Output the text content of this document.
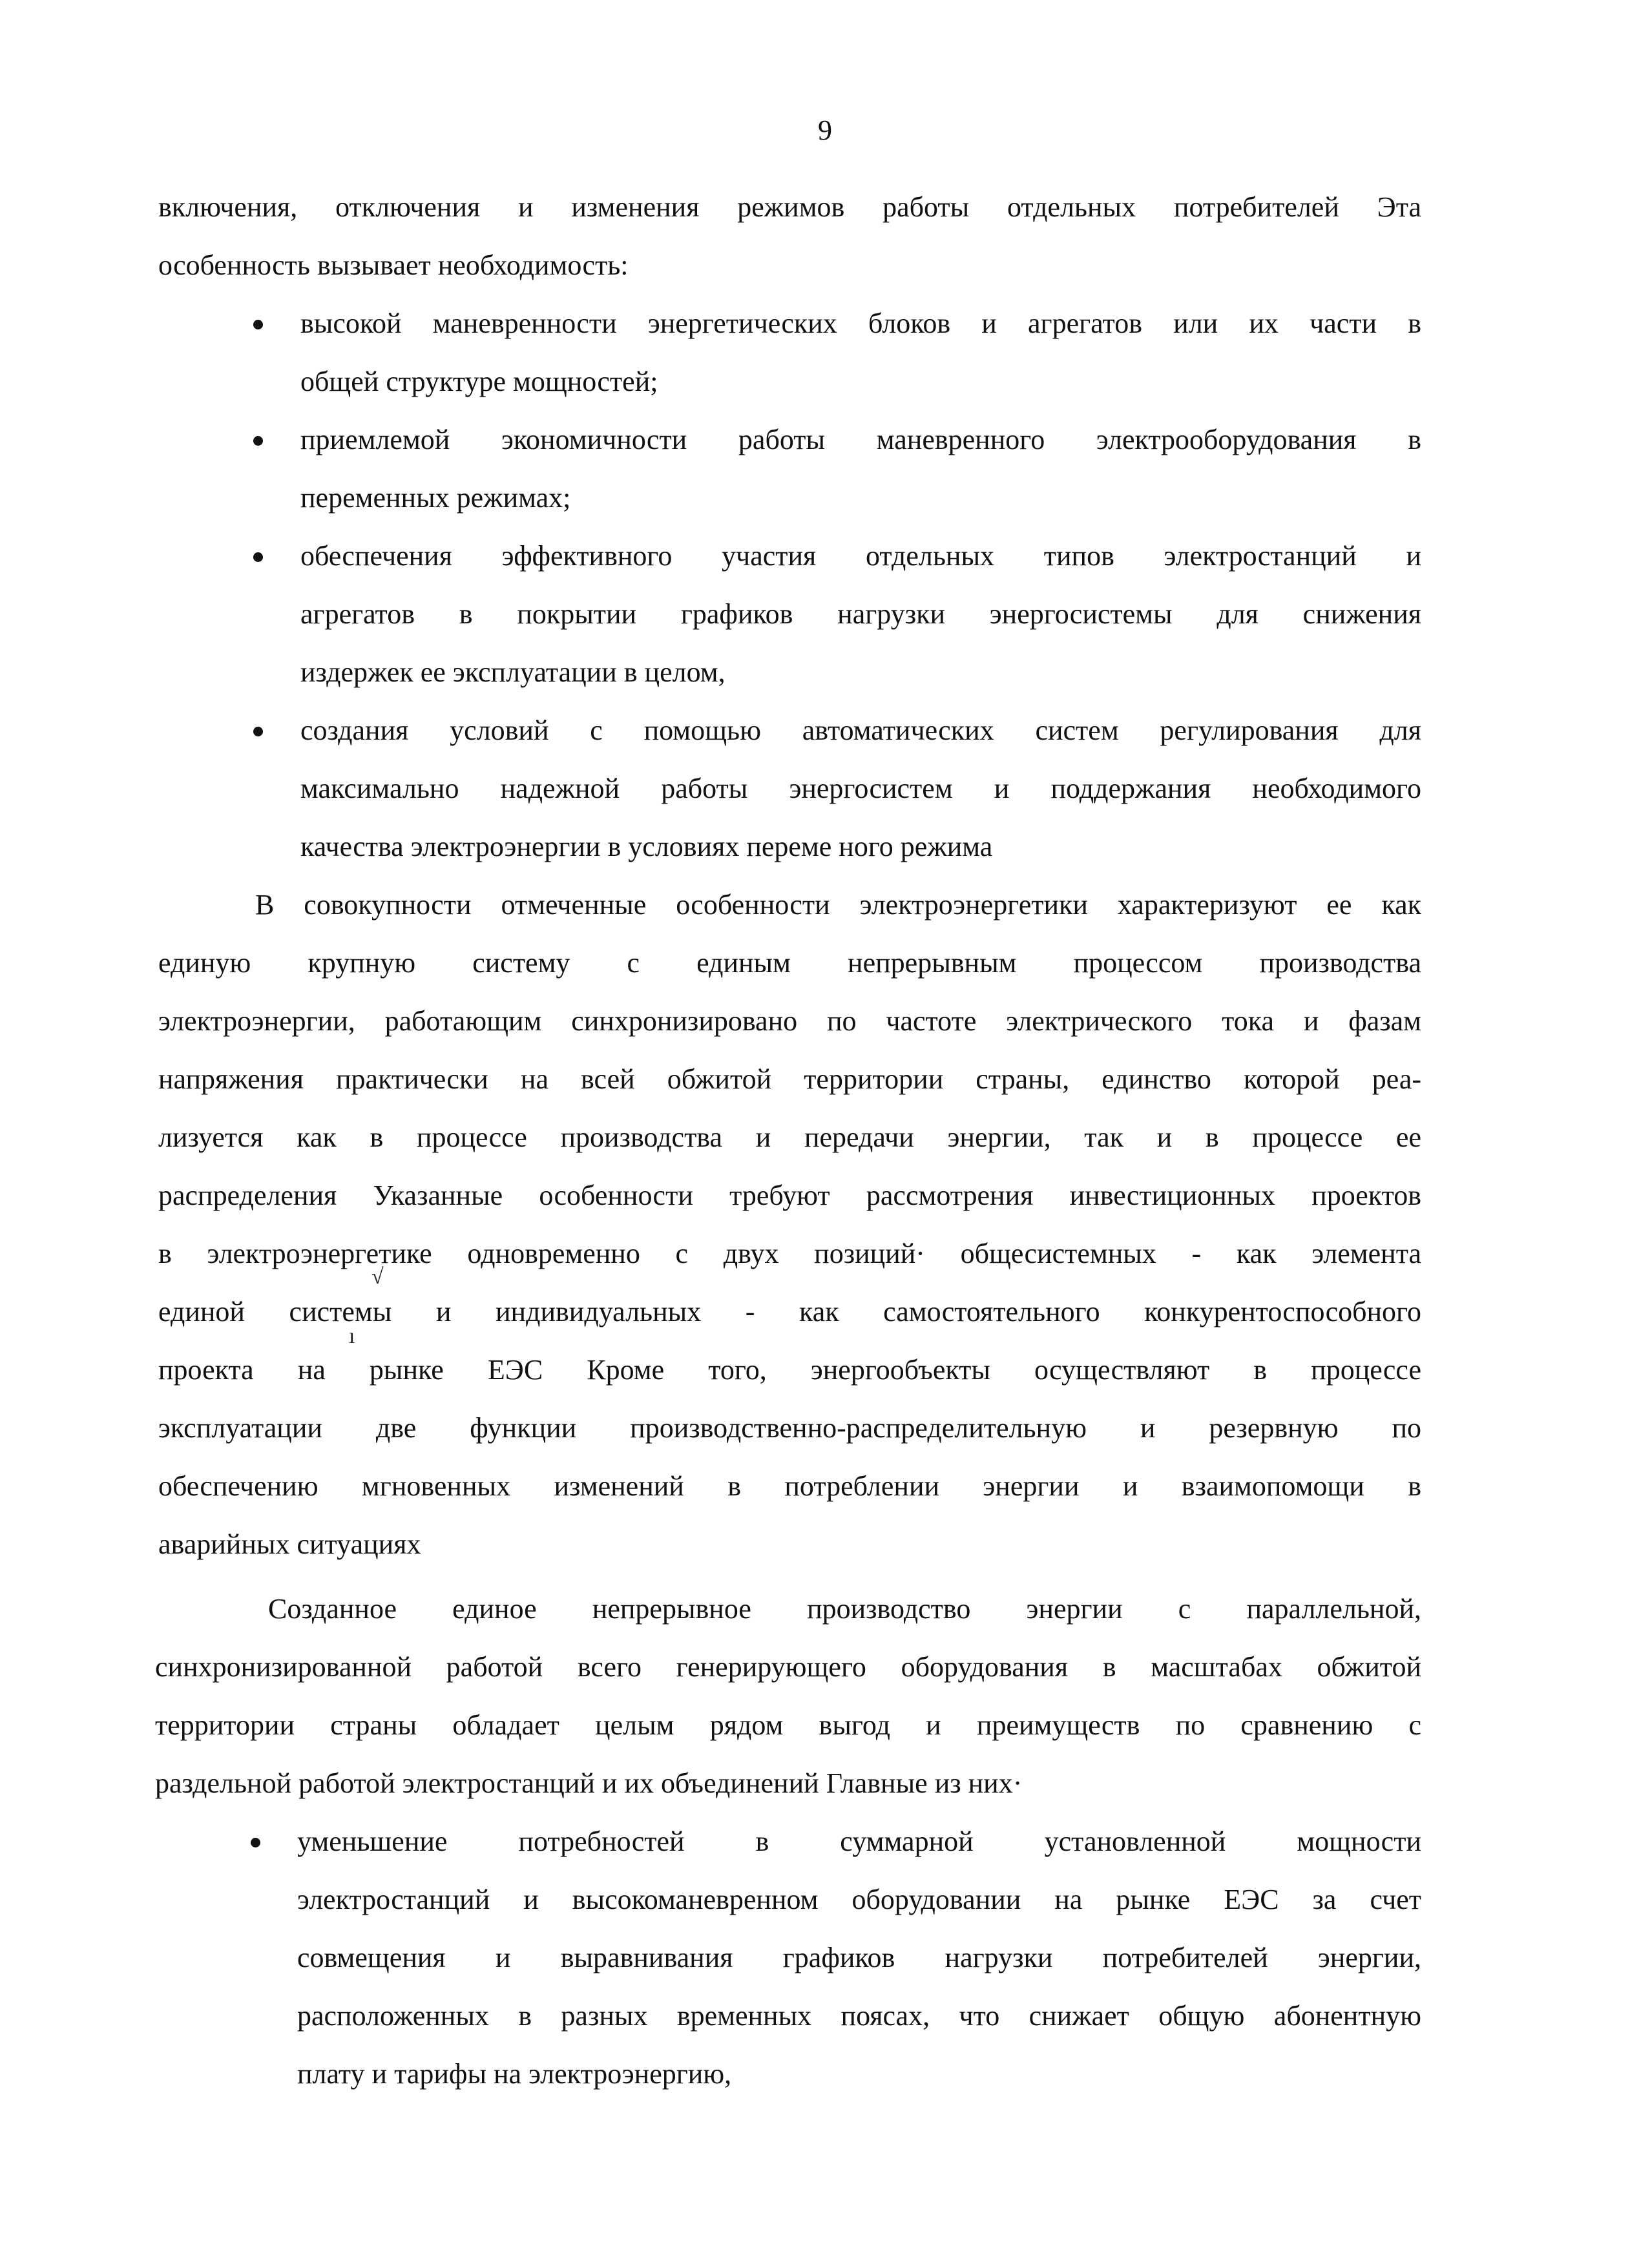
9
включения, отключения и изменения режимов работы отдельных потребителей Эта
особенность вызывает необходимость:
высокой маневренности энергетических блоков и агрегатов или их части в
общей структуре мощностей;
приемлемой экономичности работы маневренного электрооборудования в
переменных режимах;
обеспечения эффективного участия отдельных типов электростанций и
агрегатов в покрытии графиков нагрузки энергосистемы для снижения
издержек ее эксплуатации в целом,
создания условий с помощью автоматических систем регулирования для
максимально надежной работы энергосистем и поддержания необходимого
качества электроэнергии в условиях переме ного режима
В совокупности отмеченные особенности электроэнергетики характеризуют ее как
единую крупную систему с единым непрерывным процессом производства
электроэнергии, работающим синхронизировано по частоте электрического тока и фазам
напряжения практически на всей обжитой территории страны, единство которой реа-
лизуется как в процессе производства и передачи энергии, так и в процессе ее
распределения Указанные особенности требуют рассмотрения инвестиционных проектов
в электроэнергетике одновременно с двух позиций· общесистемных - как элемента
√
единой системы и индивидуальных - как самостоятельного конкурентоспособного
ı
проекта на рынке ЕЭС Кроме того, энергообъекты осуществляют в процессе
эксплуатации две функции производственно-распределительную и резервную по
обеспечению мгновенных изменений в потреблении энергии и взаимопомощи в
аварийных ситуациях
Созданное единое непрерывное производство энергии с параллельной,
синхронизированной работой всего генерирующего оборудования в масштабах обжитой
территории страны обладает целым рядом выгод и преимуществ по сравнению с
раздельной работой электростанций и их объединений Главные из них·
уменьшение потребностей в суммарной установленной мощности
электростанций и высокоманевренном оборудовании на рынке ЕЭС за счет
совмещения и выравнивания графиков нагрузки потребителей энергии,
расположенных в разных временных поясах, что снижает общую абонентную
плату и тарифы на электроэнергию,
